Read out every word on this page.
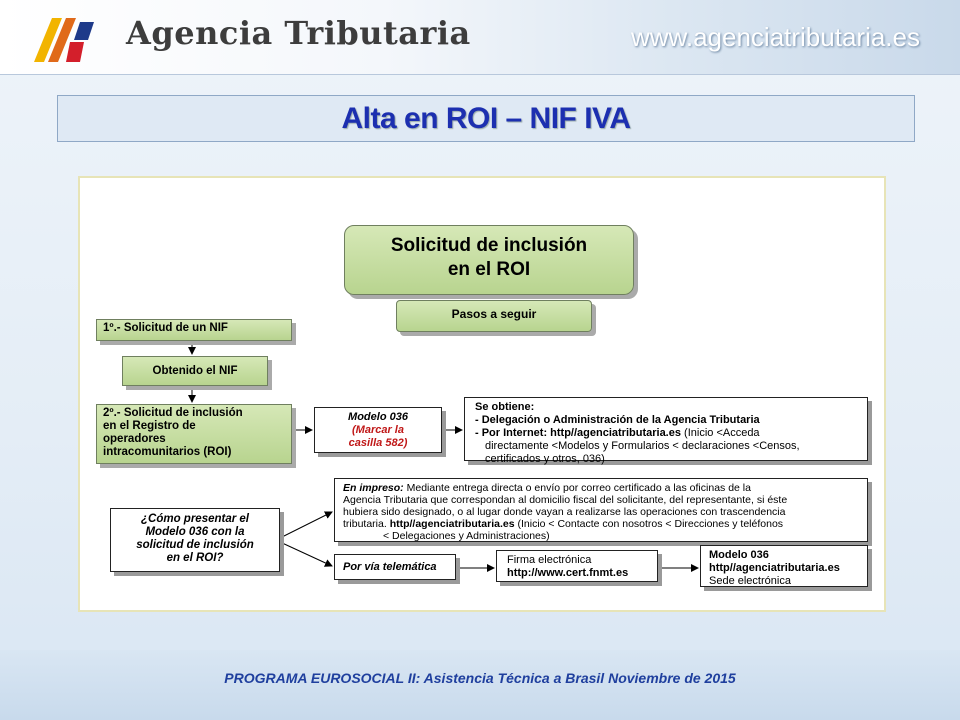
Agencia Tributaria	www.agenciatributaria.es
Alta en ROI – NIF IVA
Solicitud de inclusión
en el ROI
Pasos a seguir
1º.- Solicitud de un NIF
Obtenido el NIF
2º.- Solicitud de inclusión
en el Registro de
operadores
intracomunitarios (ROI)
Modelo 036
(Marcar la
casilla 582)
Se obtiene:
- Delegación o Administración de la Agencia Tributaria
- Por Internet: http//agenciatributaria.es (Inicio <Acceda
directamente <Modelos y Formularios < declaraciones <Censos,
certificados y otros, 036)
¿Cómo presentar el
Modelo 036 con la
solicitud de inclusión
en el ROI?
En impreso: Mediante entrega directa o envío por correo certificado a las oficinas de la
Agencia Tributaria que correspondan al domicilio fiscal del solicitante, del representante, si éste
hubiera sido designado, o al lugar donde vayan a realizarse las operaciones con trascendencia
tributaria. http//agenciatributaria.es (Inicio < Contacte con nosotros < Direcciones y teléfonos
< Delegaciones y Administraciones)
Por vía telemática
Firma electrónica
http://www.cert.fnmt.es
Modelo 036
http//agenciatributaria.es
Sede electrónica
PROGRAMA EUROSOCIAL II: Asistencia Técnica a Brasil Noviembre de 2015
